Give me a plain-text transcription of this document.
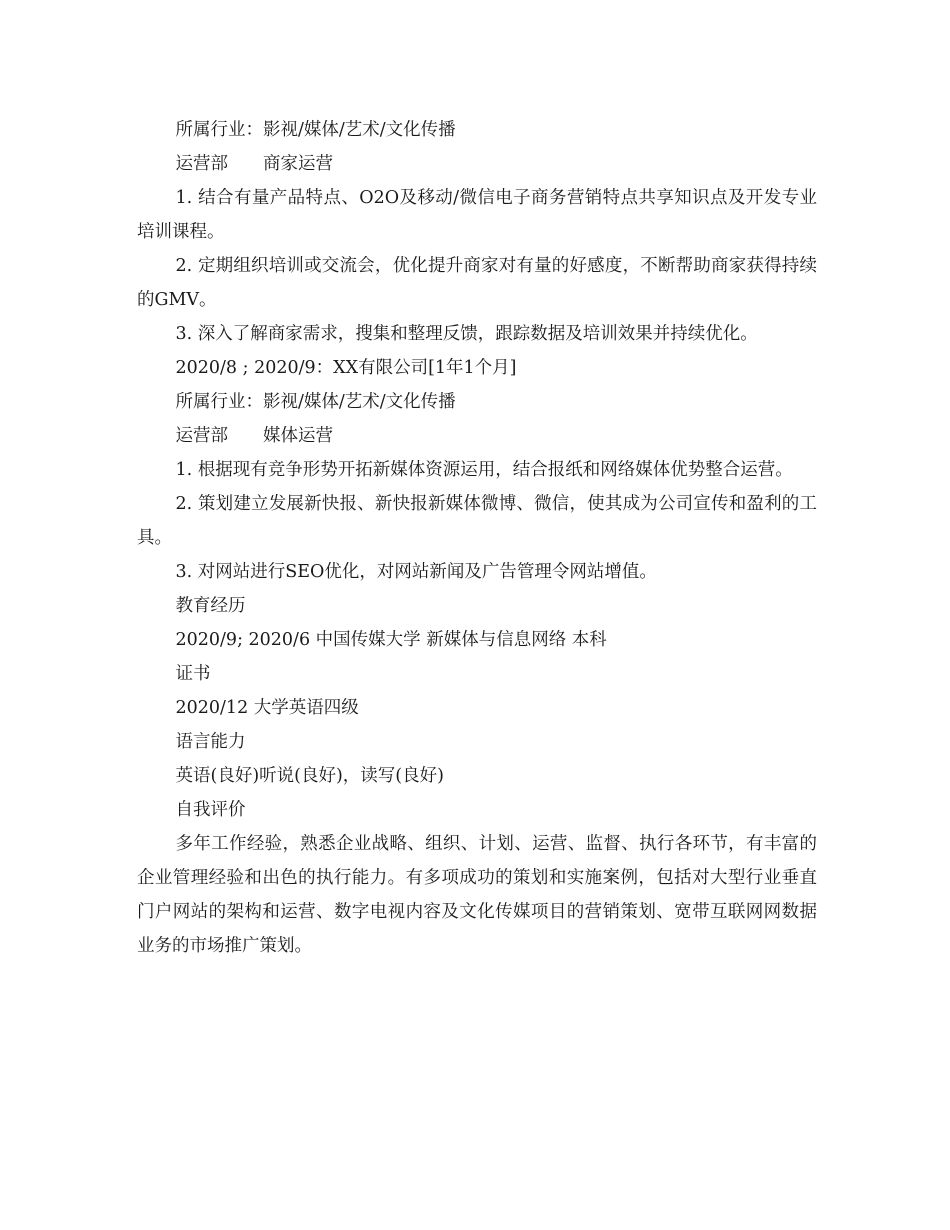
所属行业：影视/媒体/艺术/文化传播

运营部　　商家运营

1. 结合有量产品特点、O2O及移动/微信电子商务营销特点共享知识点及开发专业培训课程。

2. 定期组织培训或交流会，优化提升商家对有量的好感度，不断帮助商家获得持续的GMV。

3. 深入了解商家需求，搜集和整理反馈，跟踪数据及培训效果并持续优化。

2020/8 ; 2020/9：XX有限公司[1年1个月]

所属行业：影视/媒体/艺术/文化传播

运营部　　媒体运营

1. 根据现有竞争形势开拓新媒体资源运用，结合报纸和网络媒体优势整合运营。

2. 策划建立发展新快报、新快报新媒体微博、微信，使其成为公司宣传和盈利的工具。

3. 对网站进行SEO优化，对网站新闻及广告管理令网站增值。

教育经历

2020/9; 2020/6 中国传媒大学 新媒体与信息网络 本科

证书

2020/12 大学英语四级

语言能力

英语(良好)听说(良好)，读写(良好)

自我评价

多年工作经验，熟悉企业战略、组织、计划、运营、监督、执行各环节，有丰富的企业管理经验和出色的执行能力。有多项成功的策划和实施案例，包括对大型行业垂直门户网站的架构和运营、数字电视内容及文化传媒项目的营销策划、宽带互联网网数据业务的市场推广策划。
